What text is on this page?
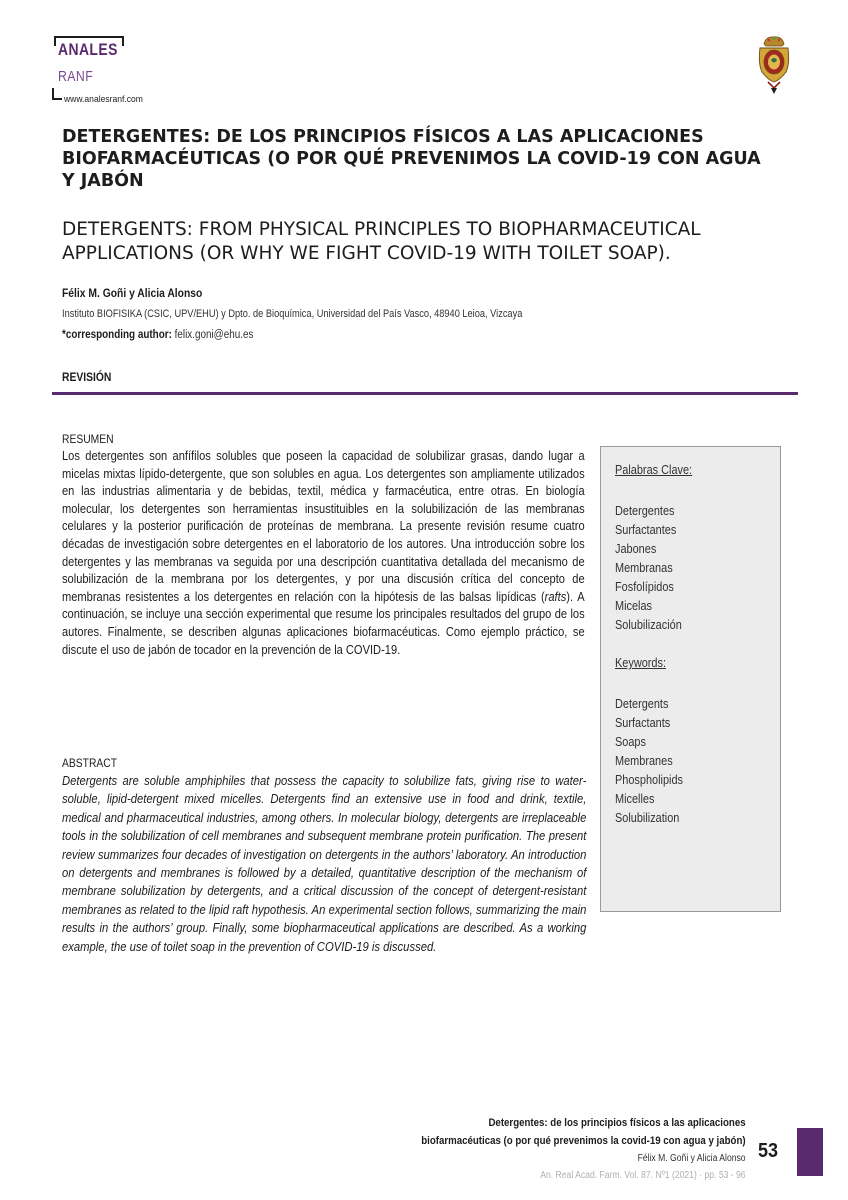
ANALES
RANF
www.analesranf.com
DETERGENTES: DE LOS PRINCIPIOS FÍSICOS A LAS APLICACIONES BIOFARMACÉUTICAS (O POR QUÉ PREVENIMOS LA COVID-19 CON AGUA Y JABÓN
DETERGENTS: FROM PHYSICAL PRINCIPLES TO BIOPHARMACEUTICAL APPLICATIONS (OR WHY WE FIGHT COVID-19 WITH TOILET SOAP).
Félix M. Goñi y Alicia Alonso
Instituto BIOFISIKA (CSIC, UPV/EHU) y Dpto. de Bioquímica, Universidad del País Vasco, 48940 Leioa, Vizcaya
*corresponding author: felix.goni@ehu.es
REVISIÓN
RESUMEN
Los detergentes son anfífilos solubles que poseen la capacidad de solubilizar grasas, dando lugar a micelas mixtas lípido-detergente, que son solubles en agua. Los detergentes son ampliamente utilizados en las industrias alimentaria y de bebidas, textil, médica y farmacéutica, entre otras. En biología molecular, los detergentes son herramientas insustituibles en la solubilización de las membranas celulares y la posterior purificación de proteínas de membrana. La presente revisión resume cuatro décadas de investigación sobre detergentes en el laboratorio de los autores. Una introducción sobre los detergentes y las membranas va seguida por una descripción cuantitativa detallada del mecanismo de solubilización de la membrana por los detergentes, y por una discusión crítica del concepto de membranas resistentes a los detergentes en relación con la hipótesis de las balsas lipídicas (rafts). A continuación, se incluye una sección experimental que resume los principales resultados del grupo de los autores. Finalmente, se describen algunas aplicaciones biofarmacéuticas. Como ejemplo práctico, se discute el uso de jabón de tocador en la prevención de la COVID-19.
ABSTRACT
Detergents are soluble amphiphiles that possess the capacity to solubilize fats, giving rise to water-soluble, lipid-detergent mixed micelles. Detergents find an extensive use in food and drink, textile, medical and pharmaceutical industries, among others. In molecular biology, detergents are irreplaceable tools in the solubilization of cell membranes and subsequent membrane protein purification. The present review summarizes four decades of investigation on detergents in the authors’ laboratory. An introduction on detergents and membranes is followed by a detailed, quantitative description of the mechanism of membrane solubilization by detergents, and a critical discussion of the concept of detergent-resistant membranes as related to the lipid raft hypothesis. An experimental section follows, summarizing the main results in the authors’ group. Finally, some biopharmaceutical applications are described. As a working example, the use of toilet soap in the prevention of COVID-19 is discussed.
Palabras Clave:
Detergentes
Surfactantes
Jabones
Membranas
Fosfolípidos
Micelas
Solubilización
Keywords:
Detergents
Surfactants
Soaps
Membranes
Phospholipids
Micelles
Solubilization
Detergentes: de los principios físicos a las aplicaciones
biofarmacéuticas (o por qué prevenimos la covid-19 con agua y jabón)
Félix M. Goñi y Alicia Alonso
An. Real Acad. Farm. Vol. 87. Nº1 (2021) · pp. 53 - 96
53
